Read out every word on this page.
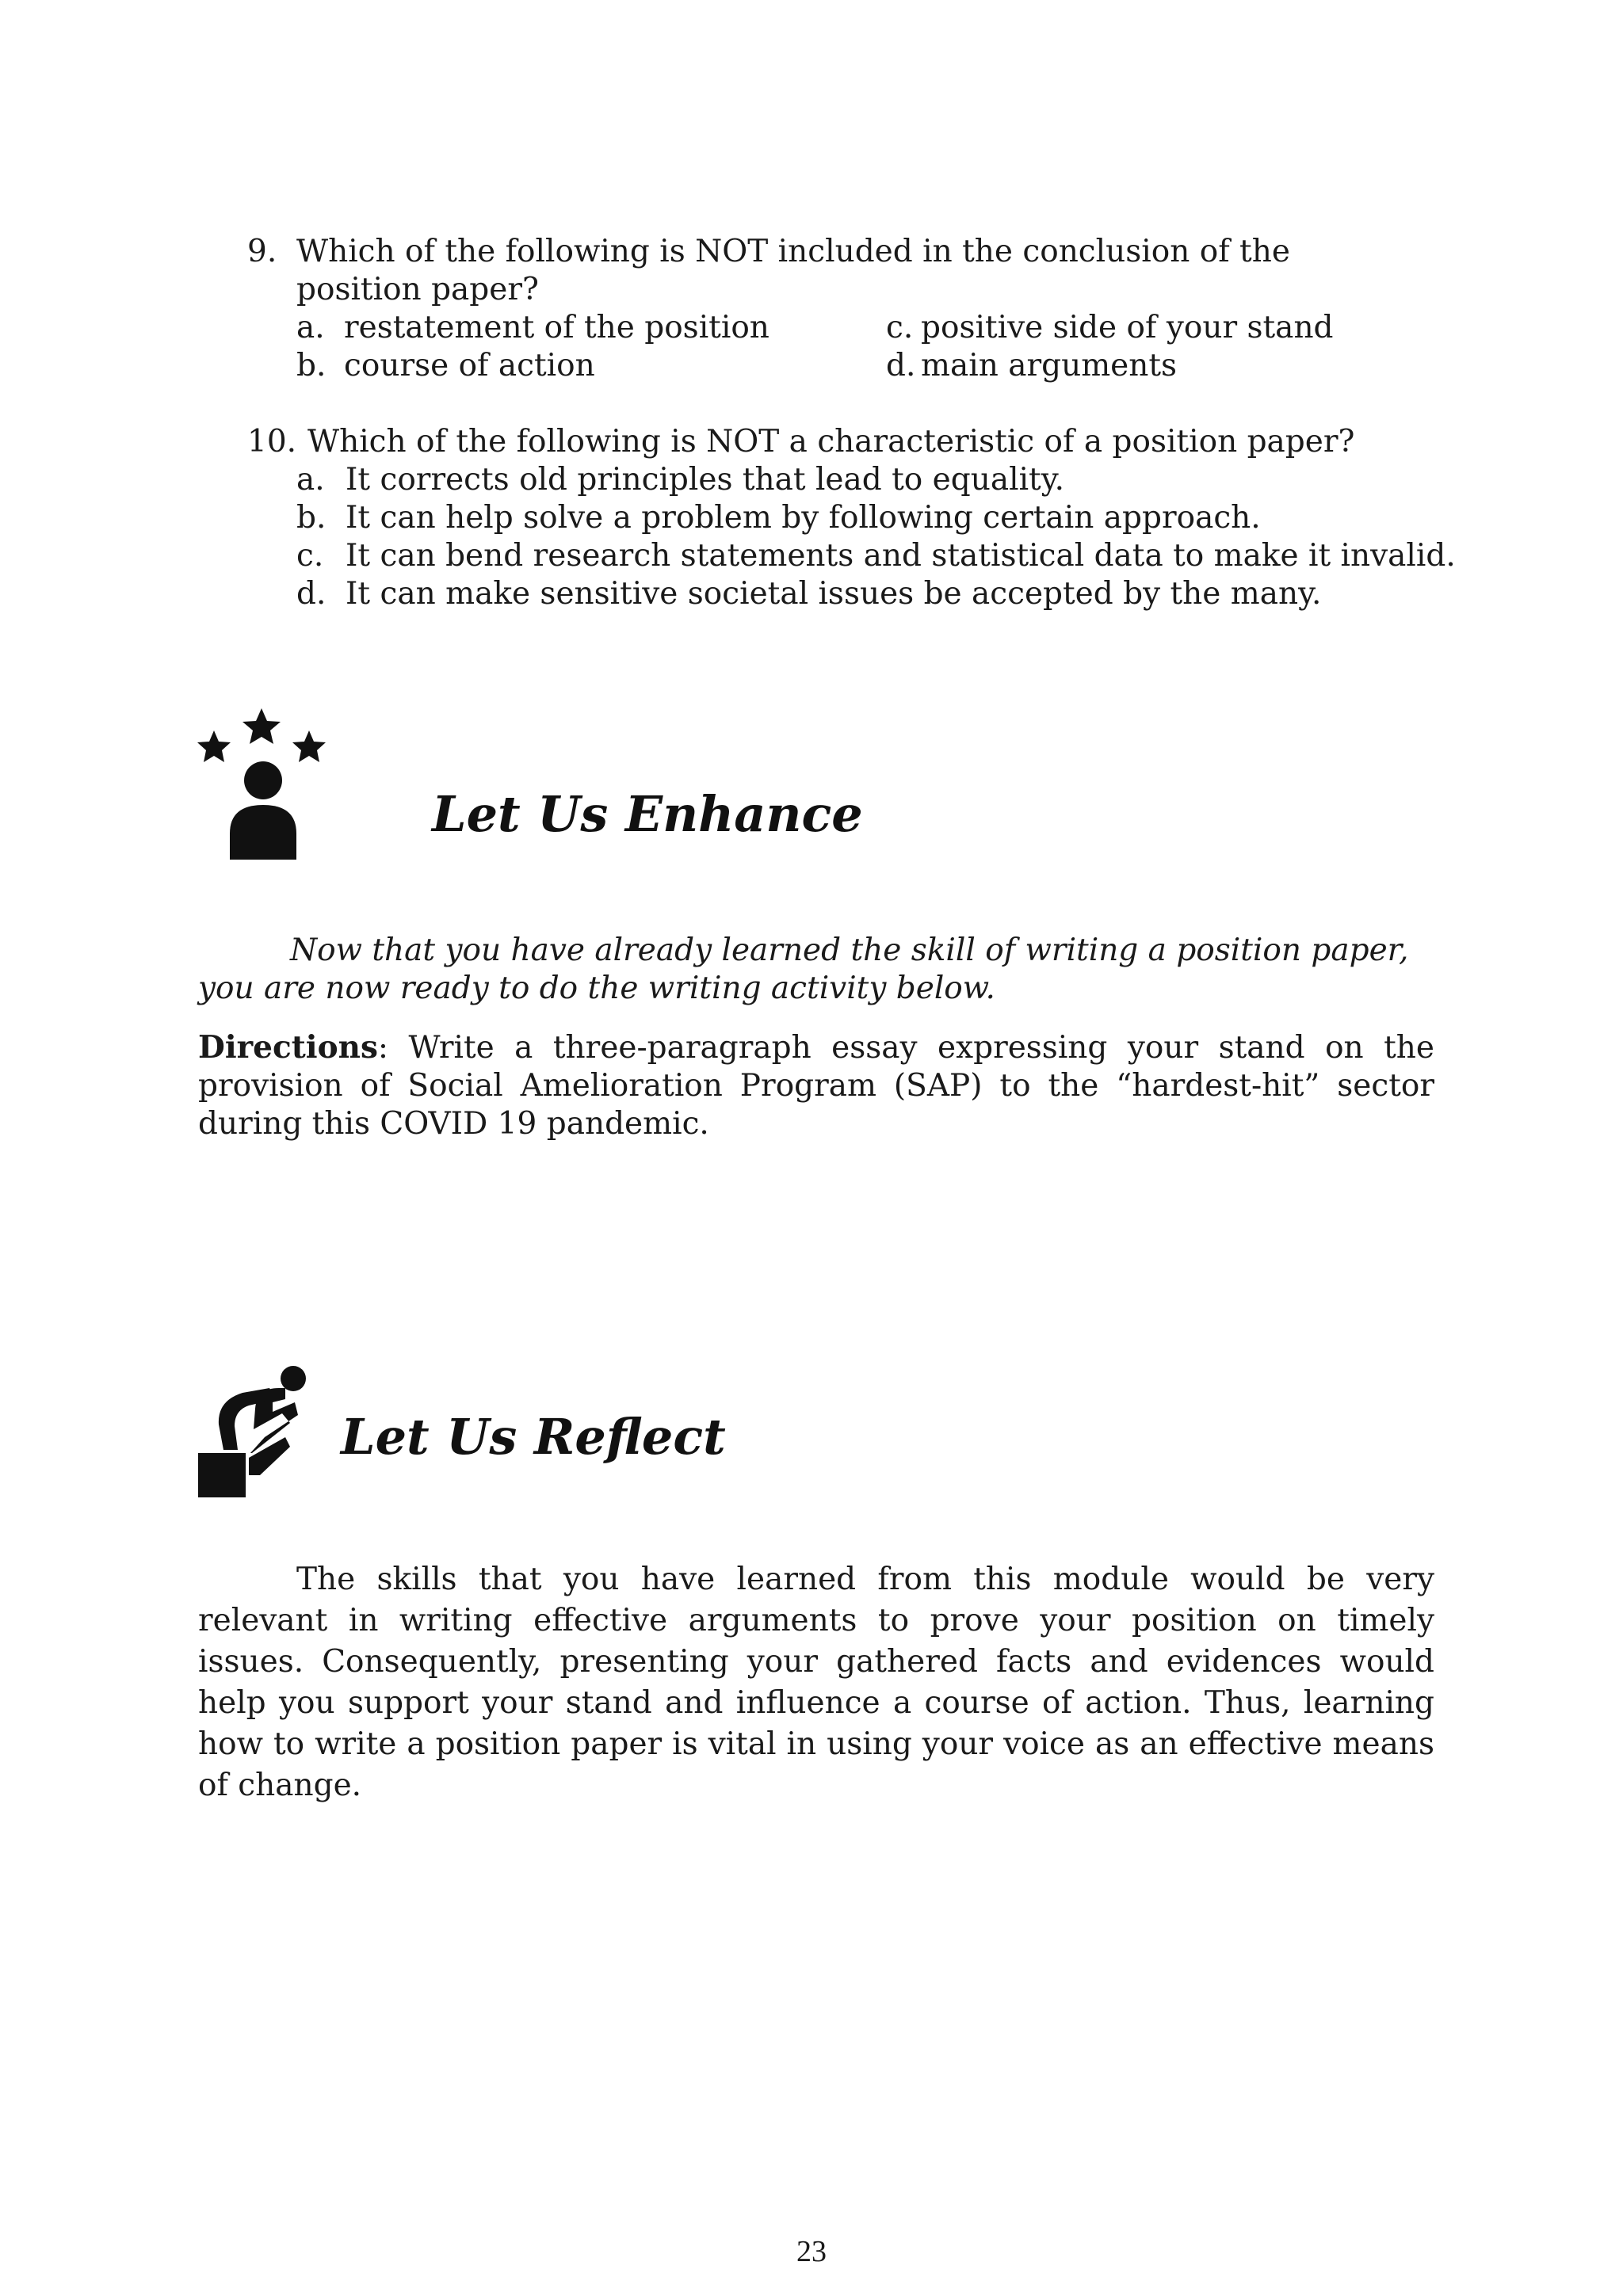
9. Which of the following is NOT included in the conclusion of the
position paper?
a. restatement of the position
b. course of action
c. positive side of your stand
d. main arguments
10. Which of the following is NOT a characteristic of a position paper?
a. It corrects old principles that lead to equality.
b. It can help solve a problem by following certain approach.
c. It can bend research statements and statistical data to make it invalid.
d. It can make sensitive societal issues be accepted by the many.
Let Us Enhance
Now that you have already learned the skill of writing a position paper,
you are now ready to do the writing activity below.

Directions: Write a three-paragraph essay expressing your stand on the provision of Social Amelioration Program (SAP) to the “hardest-hit” sector during this COVID 19 pandemic.

Let Us Reflect

The skills that you have learned from this module would be very relevant in writing effective arguments to prove your position on timely issues. Consequently, presenting your gathered facts and evidences would help you support your stand and influence a course of action. Thus, learning how to write a position paper is vital in using your voice as an effective means of change.

23
